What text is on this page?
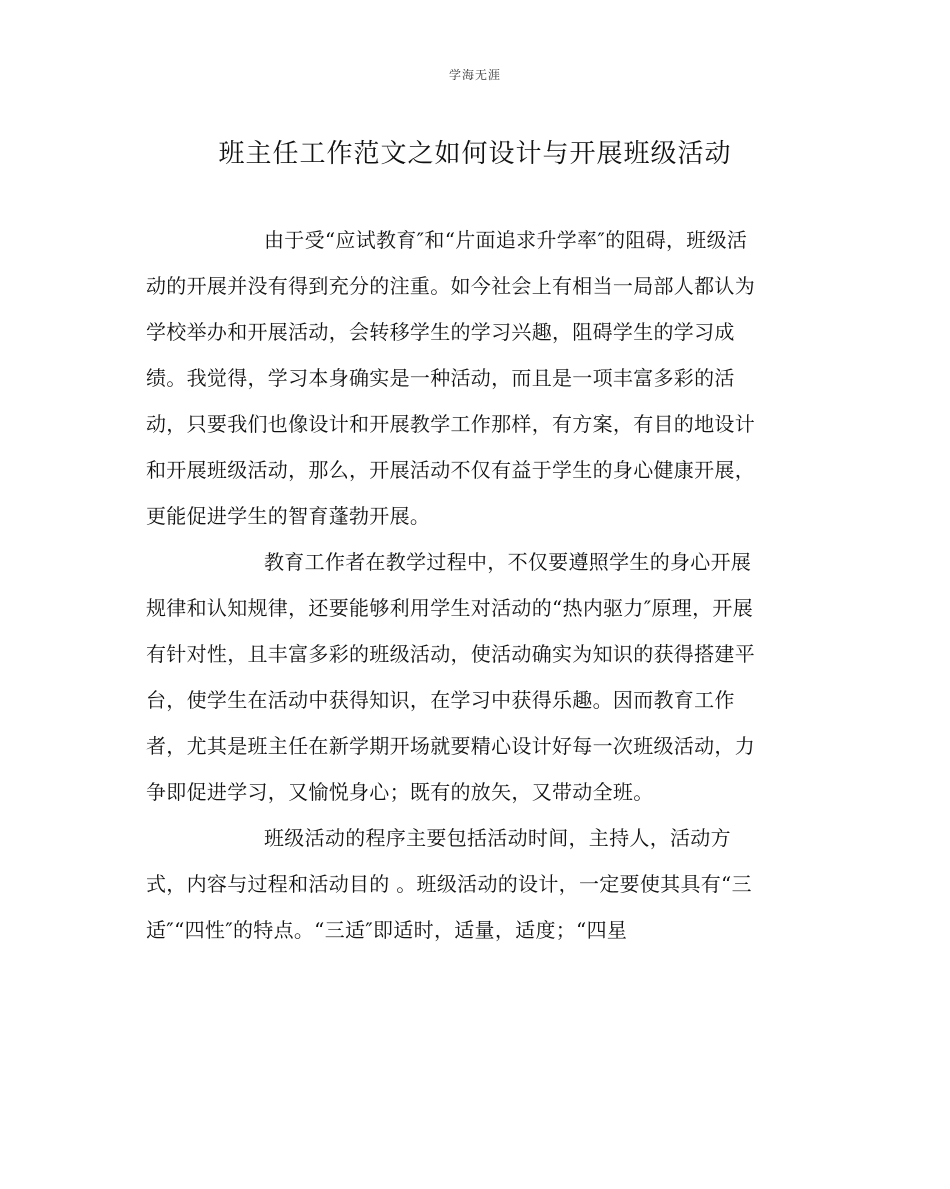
学海无涯
班主任工作范文之如何设计与开展班级活动
由于受“应试教育″和“片面追求升学率″的阻碍，班级活
动的开展并没有得到充分的注重。如今社会上有相当一局部人都认为
学校举办和开展活动，会转移学生的学习兴趣，阻碍学生的学习成
绩。我觉得，学习本身确实是一种活动，而且是一项丰富多彩的活
动，只要我们也像设计和开展教学工作那样，有方案，有目的地设计
和开展班级活动，那么，开展活动不仅有益于学生的身心健康开展，
更能促进学生的智育蓬勃开展。
教育工作者在教学过程中，不仅要遵照学生的身心开展
规律和认知规律，还要能够利用学生对活动的“热内驱力″原理，开展
有针对性，且丰富多彩的班级活动，使活动确实为知识的获得搭建平
台，使学生在活动中获得知识，在学习中获得乐趣。因而教育工作
者，尤其是班主任在新学期开场就要精心设计好每一次班级活动，力
争即促进学习，又愉悦身心；既有的放矢，又带动全班。
班级活动的程序主要包括活动时间，主持人，活动方
式，内容与过程和活动目的 。班级活动的设计，一定要使其具有“三
适″“四性″的特点。“三适″即适时，适量，适度；“四星
